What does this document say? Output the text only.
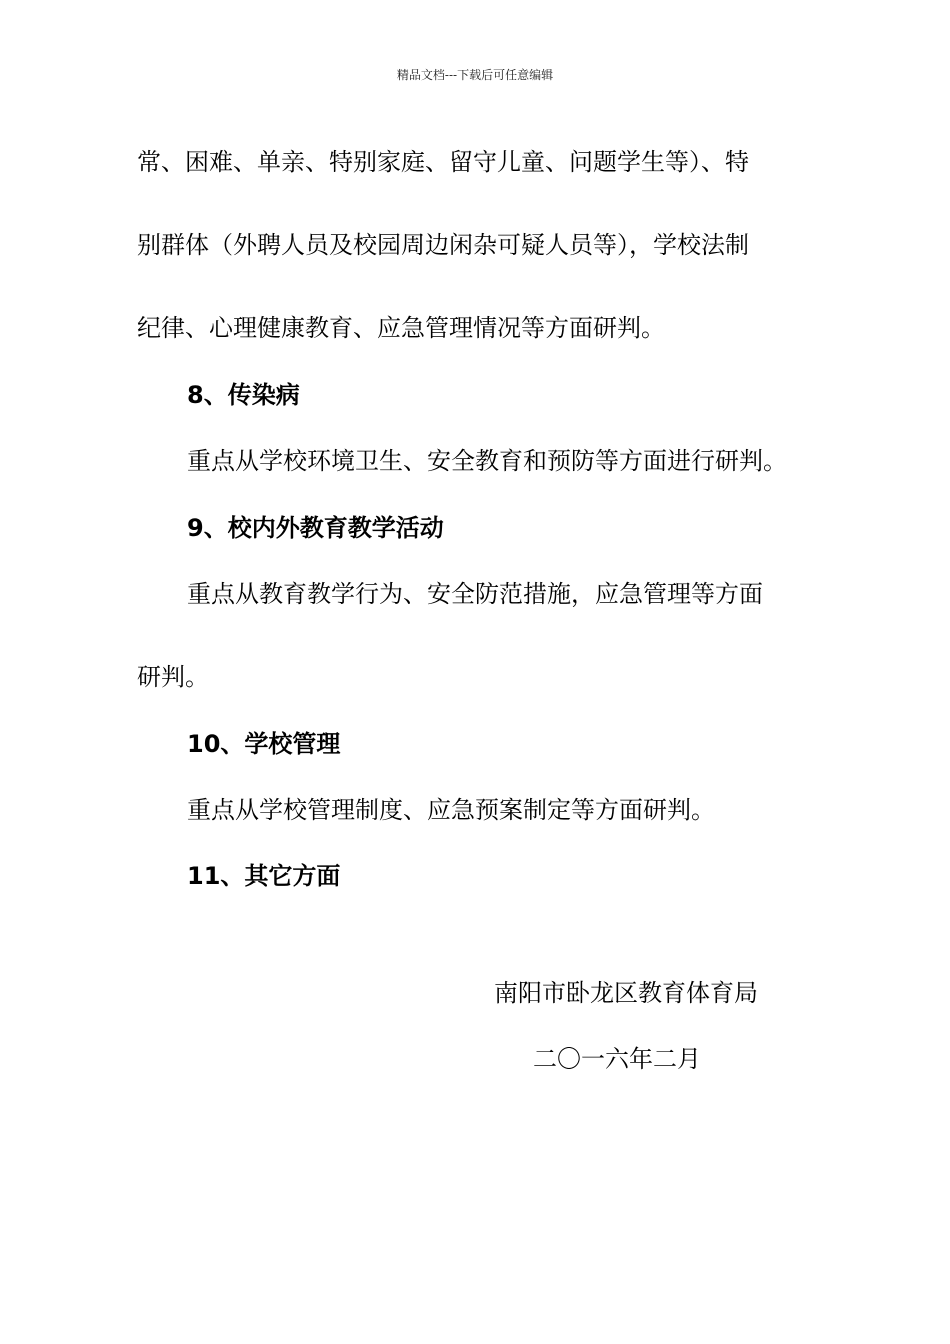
精品文档---下载后可任意编辑
常、困难、单亲、特别家庭、留守儿童、问题学生等）、特
别群体（外聘人员及校园周边闲杂可疑人员等），学校法制
纪律、心理健康教育、应急管理情况等方面研判。
8、传染病
重点从学校环境卫生、安全教育和预防等方面进行研判。
9、校内外教育教学活动
重点从教育教学行为、安全防范措施，应急管理等方面
研判。
10、学校管理
重点从学校管理制度、应急预案制定等方面研判。
11、其它方面
南阳市卧龙区教育体育局
二〇一六年二月
